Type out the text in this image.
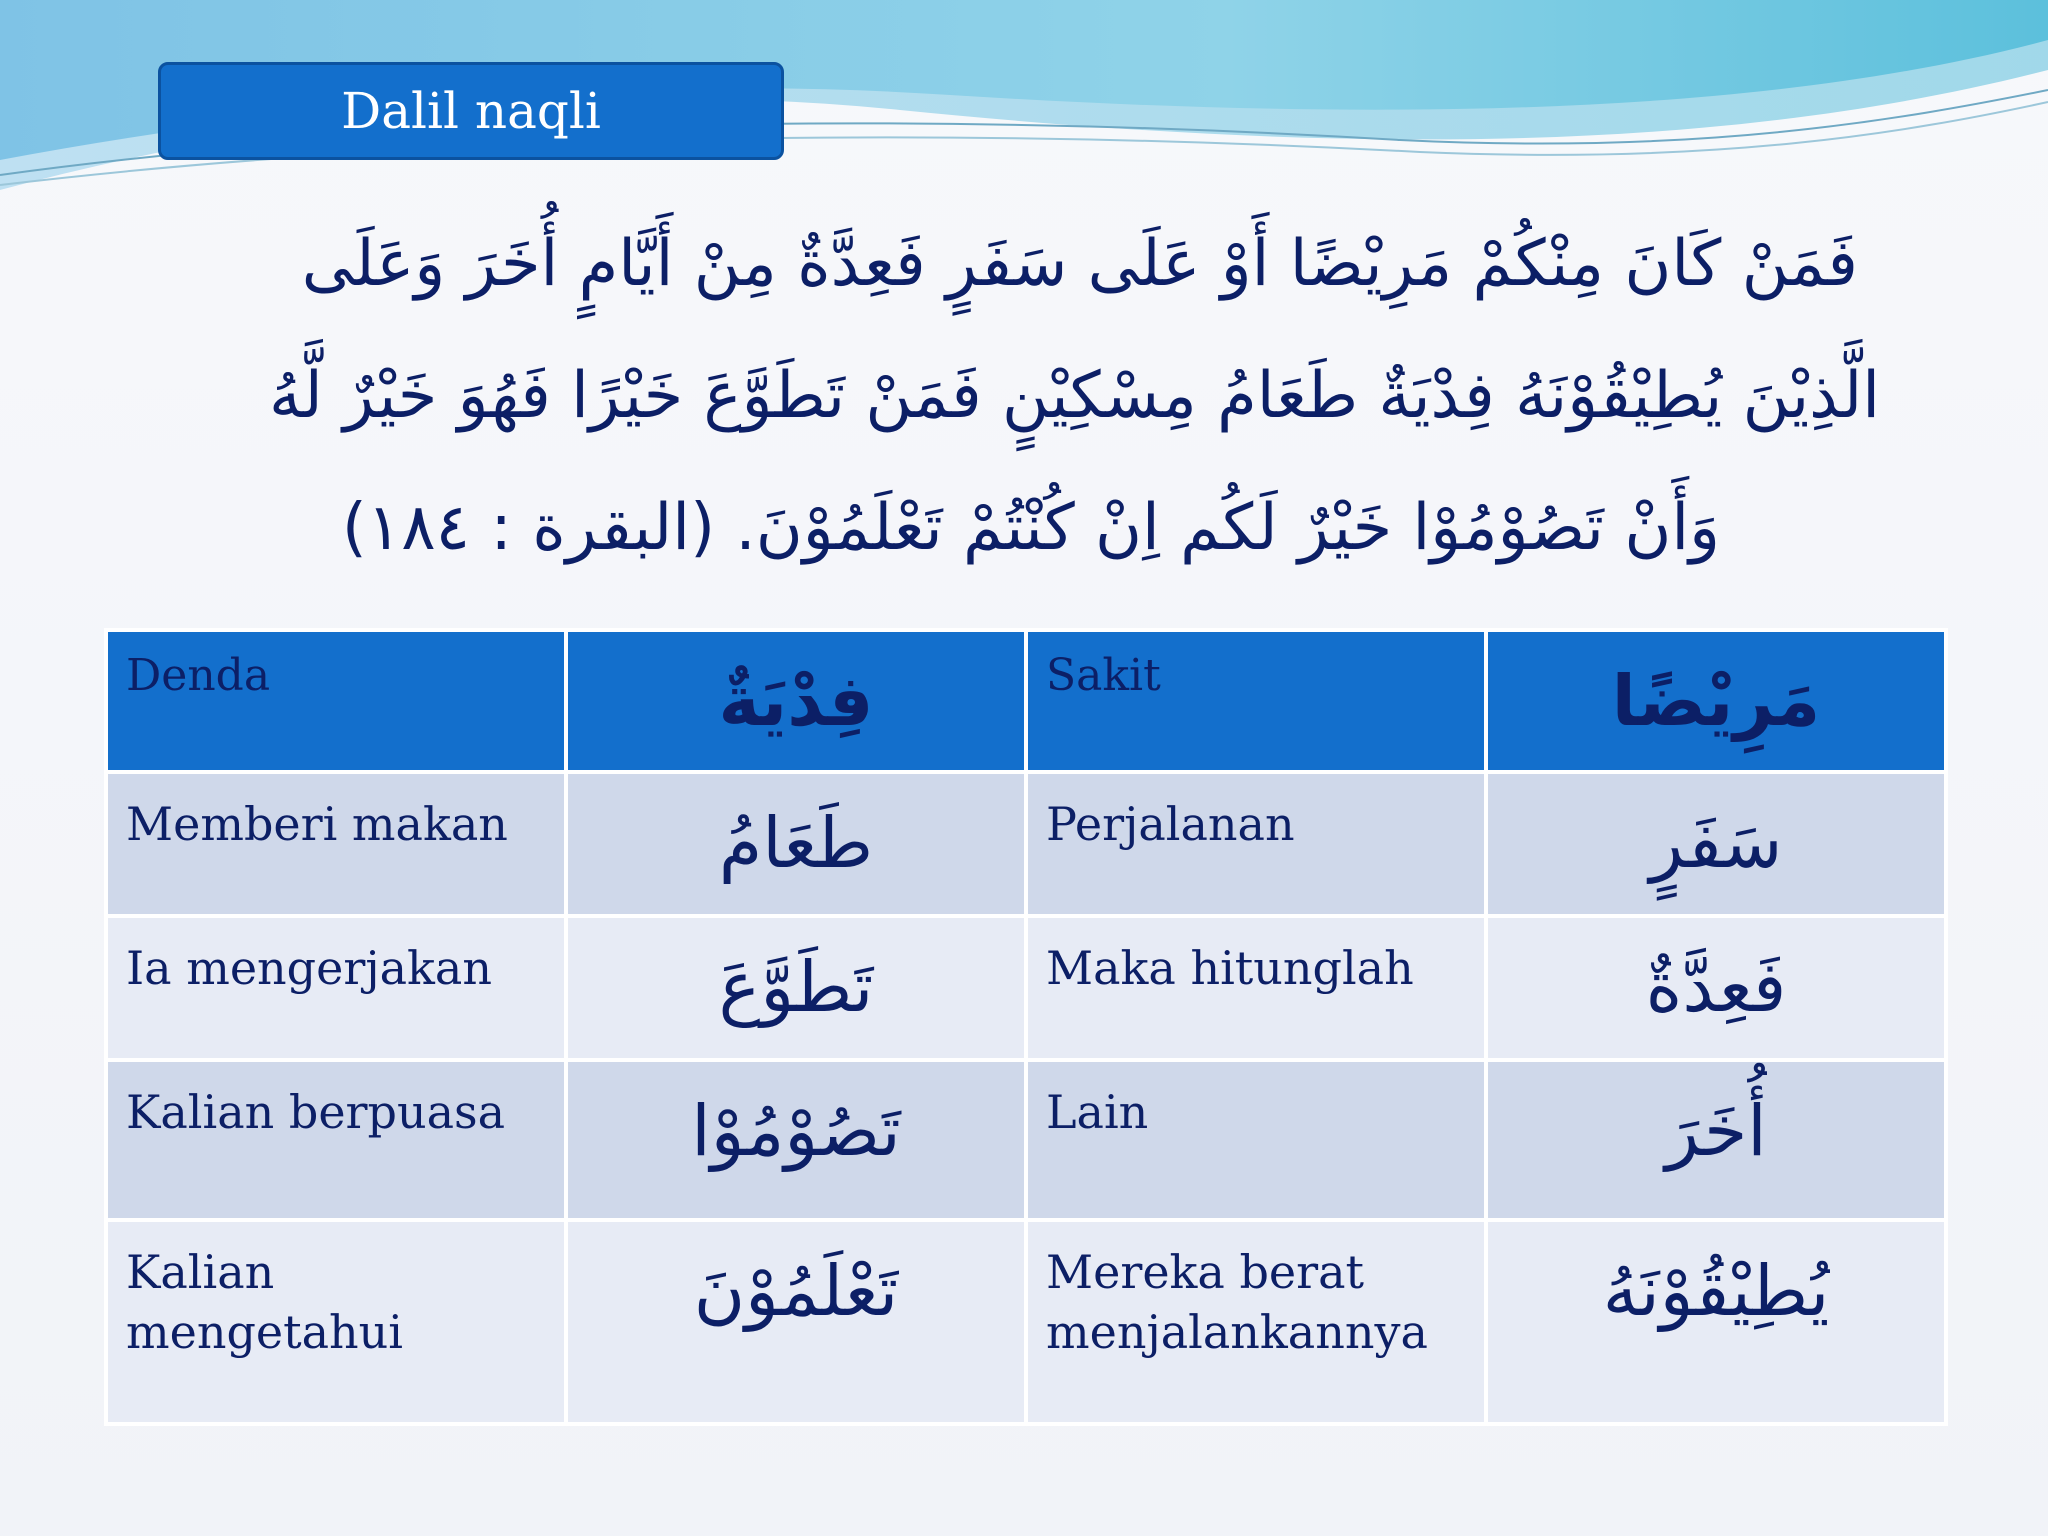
Dalil naqli
فَمَنْ كَانَ مِنْكُمْ مَرِيْضًا أَوْ عَلَى سَفَرٍ فَعِدَّةٌ مِنْ أَيَّامٍ أُخَرَ وَعَلَى
الَّذِيْنَ يُطِيْقُوْنَهُ فِدْيَةٌ طَعَامُ مِسْكِيْنٍ فَمَنْ تَطَوَّعَ خَيْرًا فَهُوَ خَيْرٌ لَّهُ
وَأَنْ تَصُوْمُوْا خَيْرٌ لَكُم اِنْ كُنْتُمْ تَعْلَمُوْنَ. (البقرة : ١٨٤)
Denda	فِدْيَةٌ	Sakit	مَرِيْضًا
Memberi makan	طَعَامُ	Perjalanan	سَفَرٍ
Ia mengerjakan	تَطَوَّعَ	Maka hitunglah	فَعِدَّةٌ
Kalian berpuasa	تَصُوْمُوْا	Lain	أُخَرَ
Kalian mengetahui	تَعْلَمُوْنَ	Mereka berat menjalankannya	يُطِيْقُوْنَهُ
